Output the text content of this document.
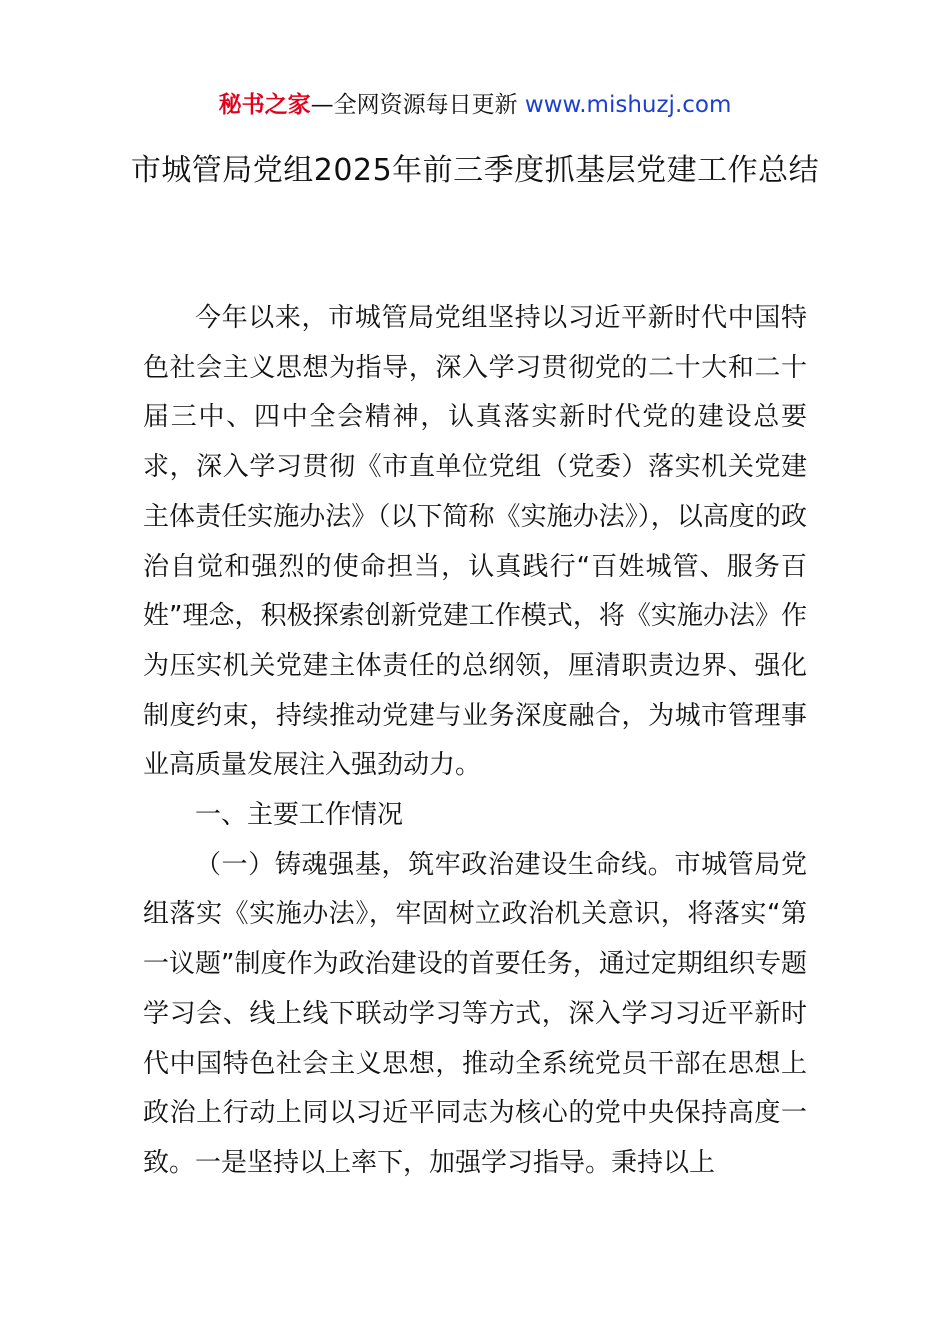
秘书之家—全网资源每日更新 www.mishuzj.com
市城管局党组2025年前三季度抓基层党建工作总结

今年以来，市城管局党组坚持以习近平新时代中国特色社会主义思想为指导，深入学习贯彻党的二十大和二十届三中、四中全会精神，认真落实新时代党的建设总要求，深入学习贯彻《市直单位党组（党委）落实机关党建主体责任实施办法》（以下简称《实施办法》），以高度的政治自觉和强烈的使命担当，认真践行“百姓城管、服务百姓”理念，积极探索创新党建工作模式，将《实施办法》作为压实机关党建主体责任的总纲领，厘清职责边界、强化制度约束，持续推动党建与业务深度融合，为城市管理事业高质量发展注入强劲动力。

一、主要工作情况

（一）铸魂强基，筑牢政治建设生命线。市城管局党组落实《实施办法》，牢固树立政治机关意识，将落实“第一议题”制度作为政治建设的首要任务，通过定期组织专题学习会、线上线下联动学习等方式，深入学习习近平新时代中国特色社会主义思想，推动全系统党员干部在思想上政治上行动上同以习近平同志为核心的党中央保持高度一致。一是坚持以上率下，加强学习指导。秉持以上
